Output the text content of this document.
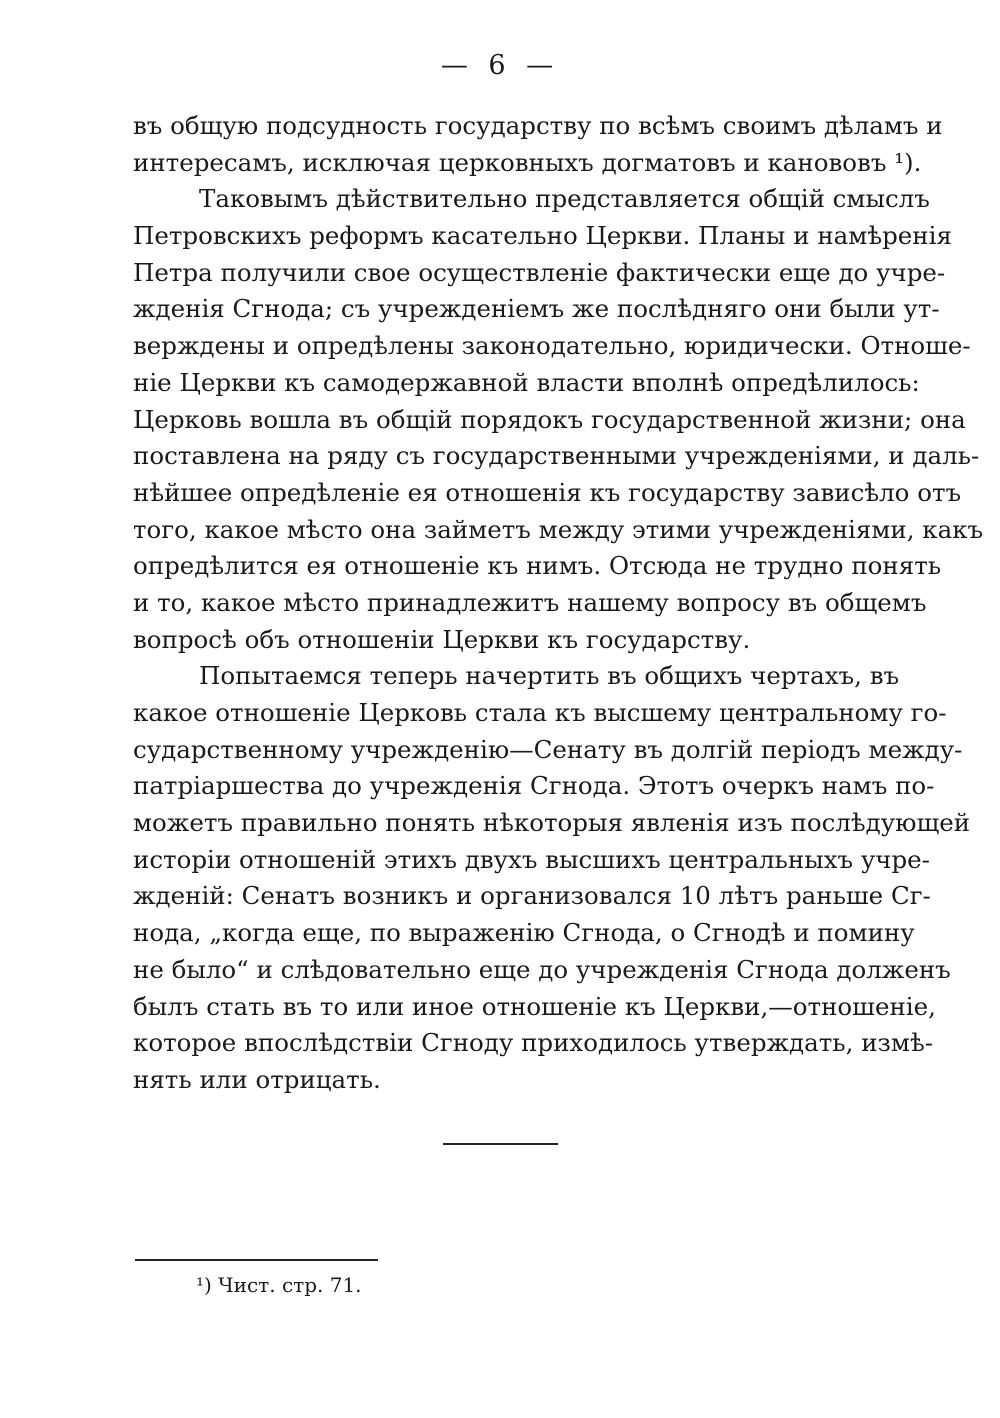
— 6 —
въ общую подсудность государству по всѣмъ своимъ дѣламъ и
интересамъ, исключая церковныхъ догматовъ и канововъ ¹).
Таковымъ дѣйствительно представляется общій смыслъ
Петровскихъ реформъ касательно Церкви. Планы и намѣренія
Петра получили свое осуществленіе фактически еще до учре-
жденія Сгнода; съ учрежденіемъ же послѣдняго они были ут-
верждены и опредѣлены законодательно, юридически. Отноше-
ніе Церкви къ самодержавной власти вполнѣ опредѣлилось:
Церковь вошла въ общій порядокъ государственной жизни; она
поставлена на ряду съ государственными учрежденіями, и даль-
нѣйшее опредѣленіе ея отношенія къ государству зависѣло отъ
того, какое мѣсто она займетъ между этими учрежденіями, какъ
опредѣлится ея отношеніе къ нимъ. Отсюда не трудно понять
и то, какое мѣсто принадлежитъ нашему вопросу въ общемъ
вопросѣ объ отношеніи Церкви къ государству.
Попытаемся теперь начертить въ общихъ чертахъ, въ
какое отношеніе Церковь стала къ высшему центральному го-
сударственному учрежденію—Сенату въ долгій періодъ между-
патріаршества до учрежденія Сгнода. Этотъ очеркъ намъ по-
можетъ правильно понять нѣкоторыя явленія изъ послѣдующей
исторіи отношеній этихъ двухъ высшихъ центральныхъ учре-
жденій: Сенатъ возникъ и организовался 10 лѣтъ раньше Сг-
нода, „когда еще, по выраженію Сгнода, о Сгнодѣ и помину
не было“ и слѣдовательно еще до учрежденія Сгнода долженъ
былъ стать въ то или иное отношеніе къ Церкви,—отношеніе,
которое впослѣдствіи Сгноду приходилось утверждать, измѣ-
нять или отрицать.
¹) Чист. стр. 71.
